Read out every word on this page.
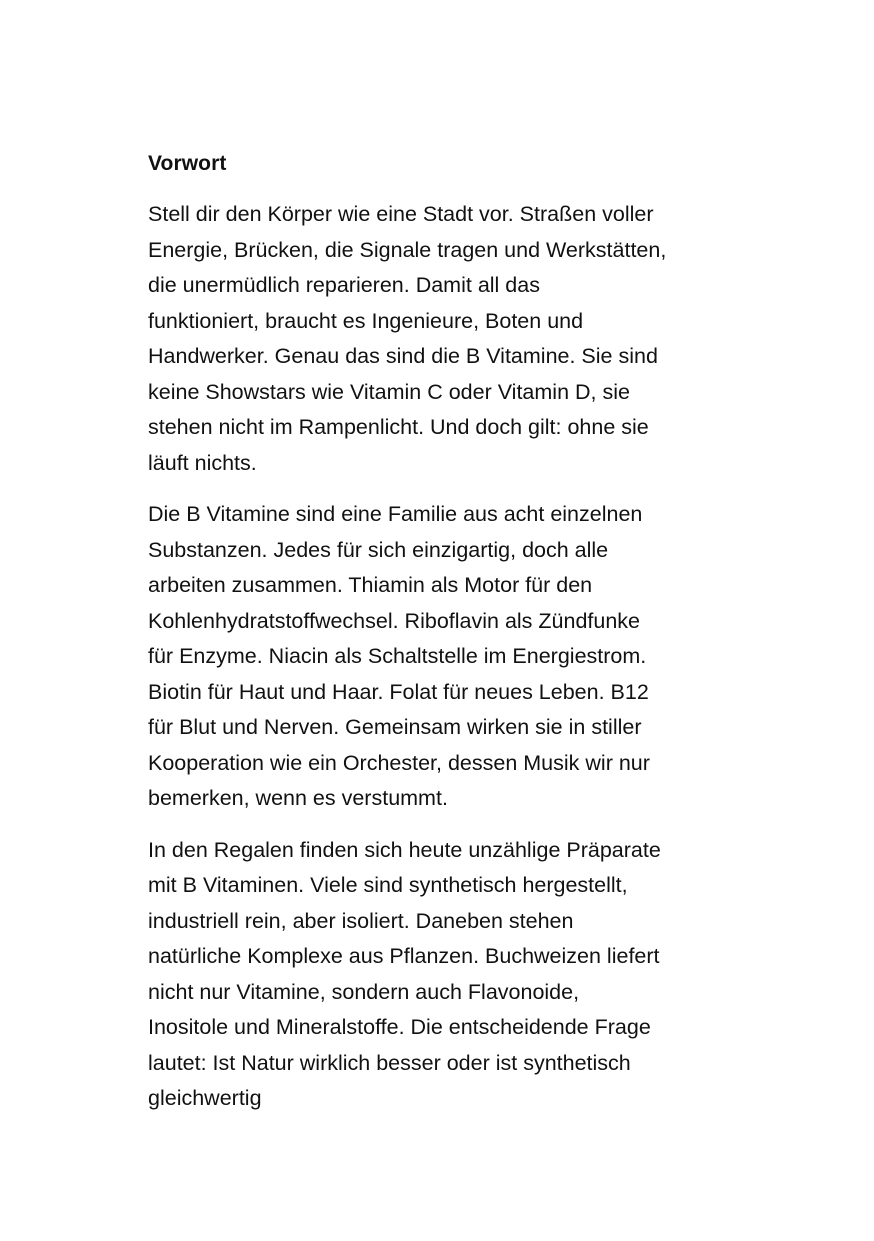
Vorwort
Stell dir den Körper wie eine Stadt vor. Straßen voller
Energie, Brücken, die Signale tragen und Werkstätten,
die unermüdlich reparieren. Damit all das
funktioniert, braucht es Ingenieure, Boten und
Handwerker. Genau das sind die B Vitamine. Sie sind
keine Showstars wie Vitamin C oder Vitamin D, sie
stehen nicht im Rampenlicht. Und doch gilt: ohne sie
läuft nichts.
Die B Vitamine sind eine Familie aus acht einzelnen
Substanzen. Jedes für sich einzigartig, doch alle
arbeiten zusammen. Thiamin als Motor für den
Kohlenhydratstoffwechsel. Riboflavin als Zündfunke
für Enzyme. Niacin als Schaltstelle im Energiestrom.
Biotin für Haut und Haar. Folat für neues Leben. B12
für Blut und Nerven. Gemeinsam wirken sie in stiller
Kooperation wie ein Orchester, dessen Musik wir nur
bemerken, wenn es verstummt.
In den Regalen finden sich heute unzählige Präparate
mit B Vitaminen. Viele sind synthetisch hergestellt,
industriell rein, aber isoliert. Daneben stehen
natürliche Komplexe aus Pflanzen. Buchweizen liefert
nicht nur Vitamine, sondern auch Flavonoide,
Inositole und Mineralstoffe. Die entscheidende Frage
lautet: Ist Natur wirklich besser oder ist synthetisch
gleichwertig
